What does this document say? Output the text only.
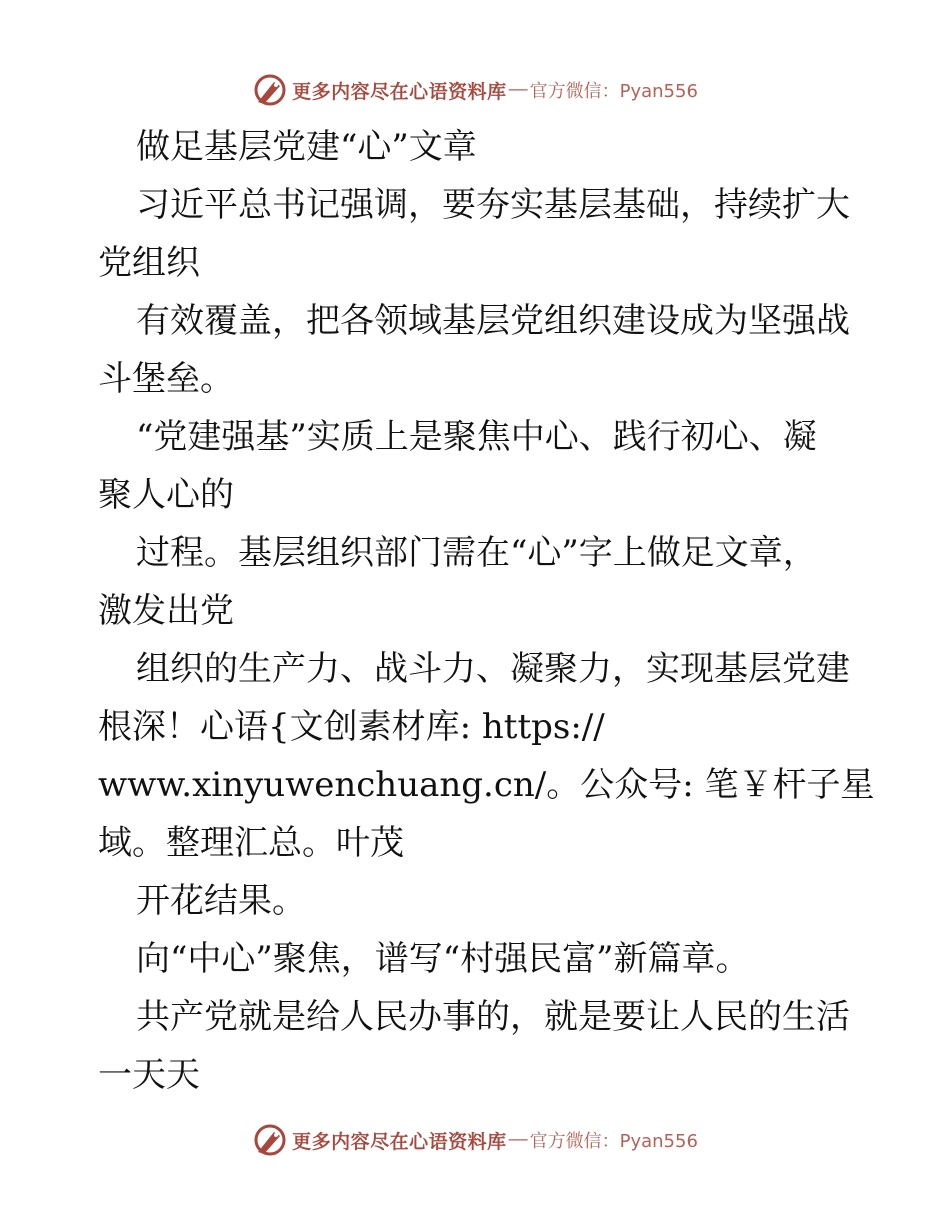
更多内容尽在心语资料库 — 官方微信：Pyan556
做足基层党建“心”文章
习近平总书记强调，要夯实基层基础，持续扩大
党组织
有效覆盖，把各领域基层党组织建设成为坚强战
斗堡垒。
“党建强基”实质上是聚焦中心、践行初心、凝
聚人心的
过程。基层组织部门需在“心”字上做足文章，
激发出党
组织的生产力、战斗力、凝聚力，实现基层党建
根深！心语{文创素材库: https://
www.xinyuwenchuang.cn/。公众号: 笔￥杆子星
域。整理汇总。叶茂
开花结果。
向“中心”聚焦，谱写“村强民富”新篇章。
共产党就是给人民办事的，就是要让人民的生活
一天天
更多内容尽在心语资料库 — 官方微信：Pyan556
